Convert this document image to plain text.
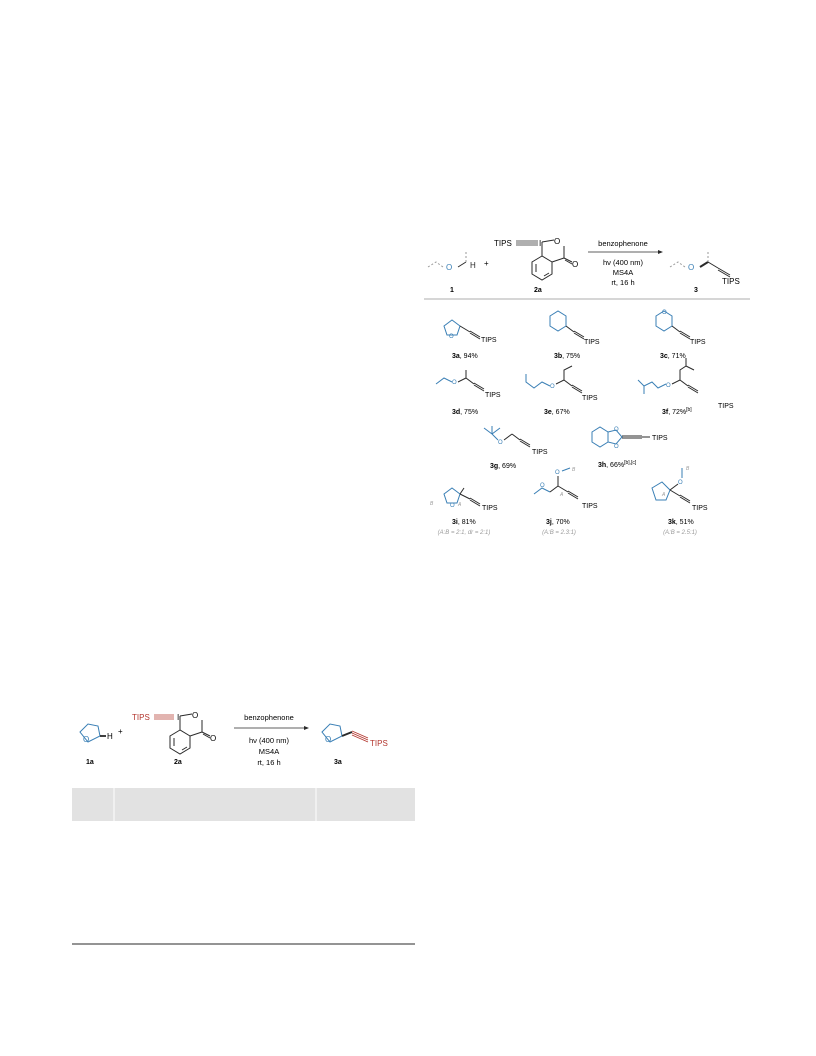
O H
1
+
TIPS	I O
O
2a
benzophenone
hν (400 nm)
MS4A
rt, 16 h
O
TIPS
3
O	TIPS
3a, 94%
TIPS
3b, 75%
O
TIPS
3c, 71%
O
TIPS
3d, 75%
O
TIPS
3e, 67%
O
TIPS
3f, 72%[b]
O
TIPS
3g, 69%
O
O
TIPS
3h, 66%[b],[c]
O
B	A	TIPS
3i, 81%
(A:B = 2:1, dr = 2:1)
O
O B
A
TIPS
3j, 70%
(A:B = 2.3:1)
O
B
A
TIPS
3k, 51%
(A:B = 2.5:1)
O H
1a
+
TIPS	I O
O
2a
benzophenone
hν (400 nm)
MS4A
rt, 16 h
O	TIPS
3a
